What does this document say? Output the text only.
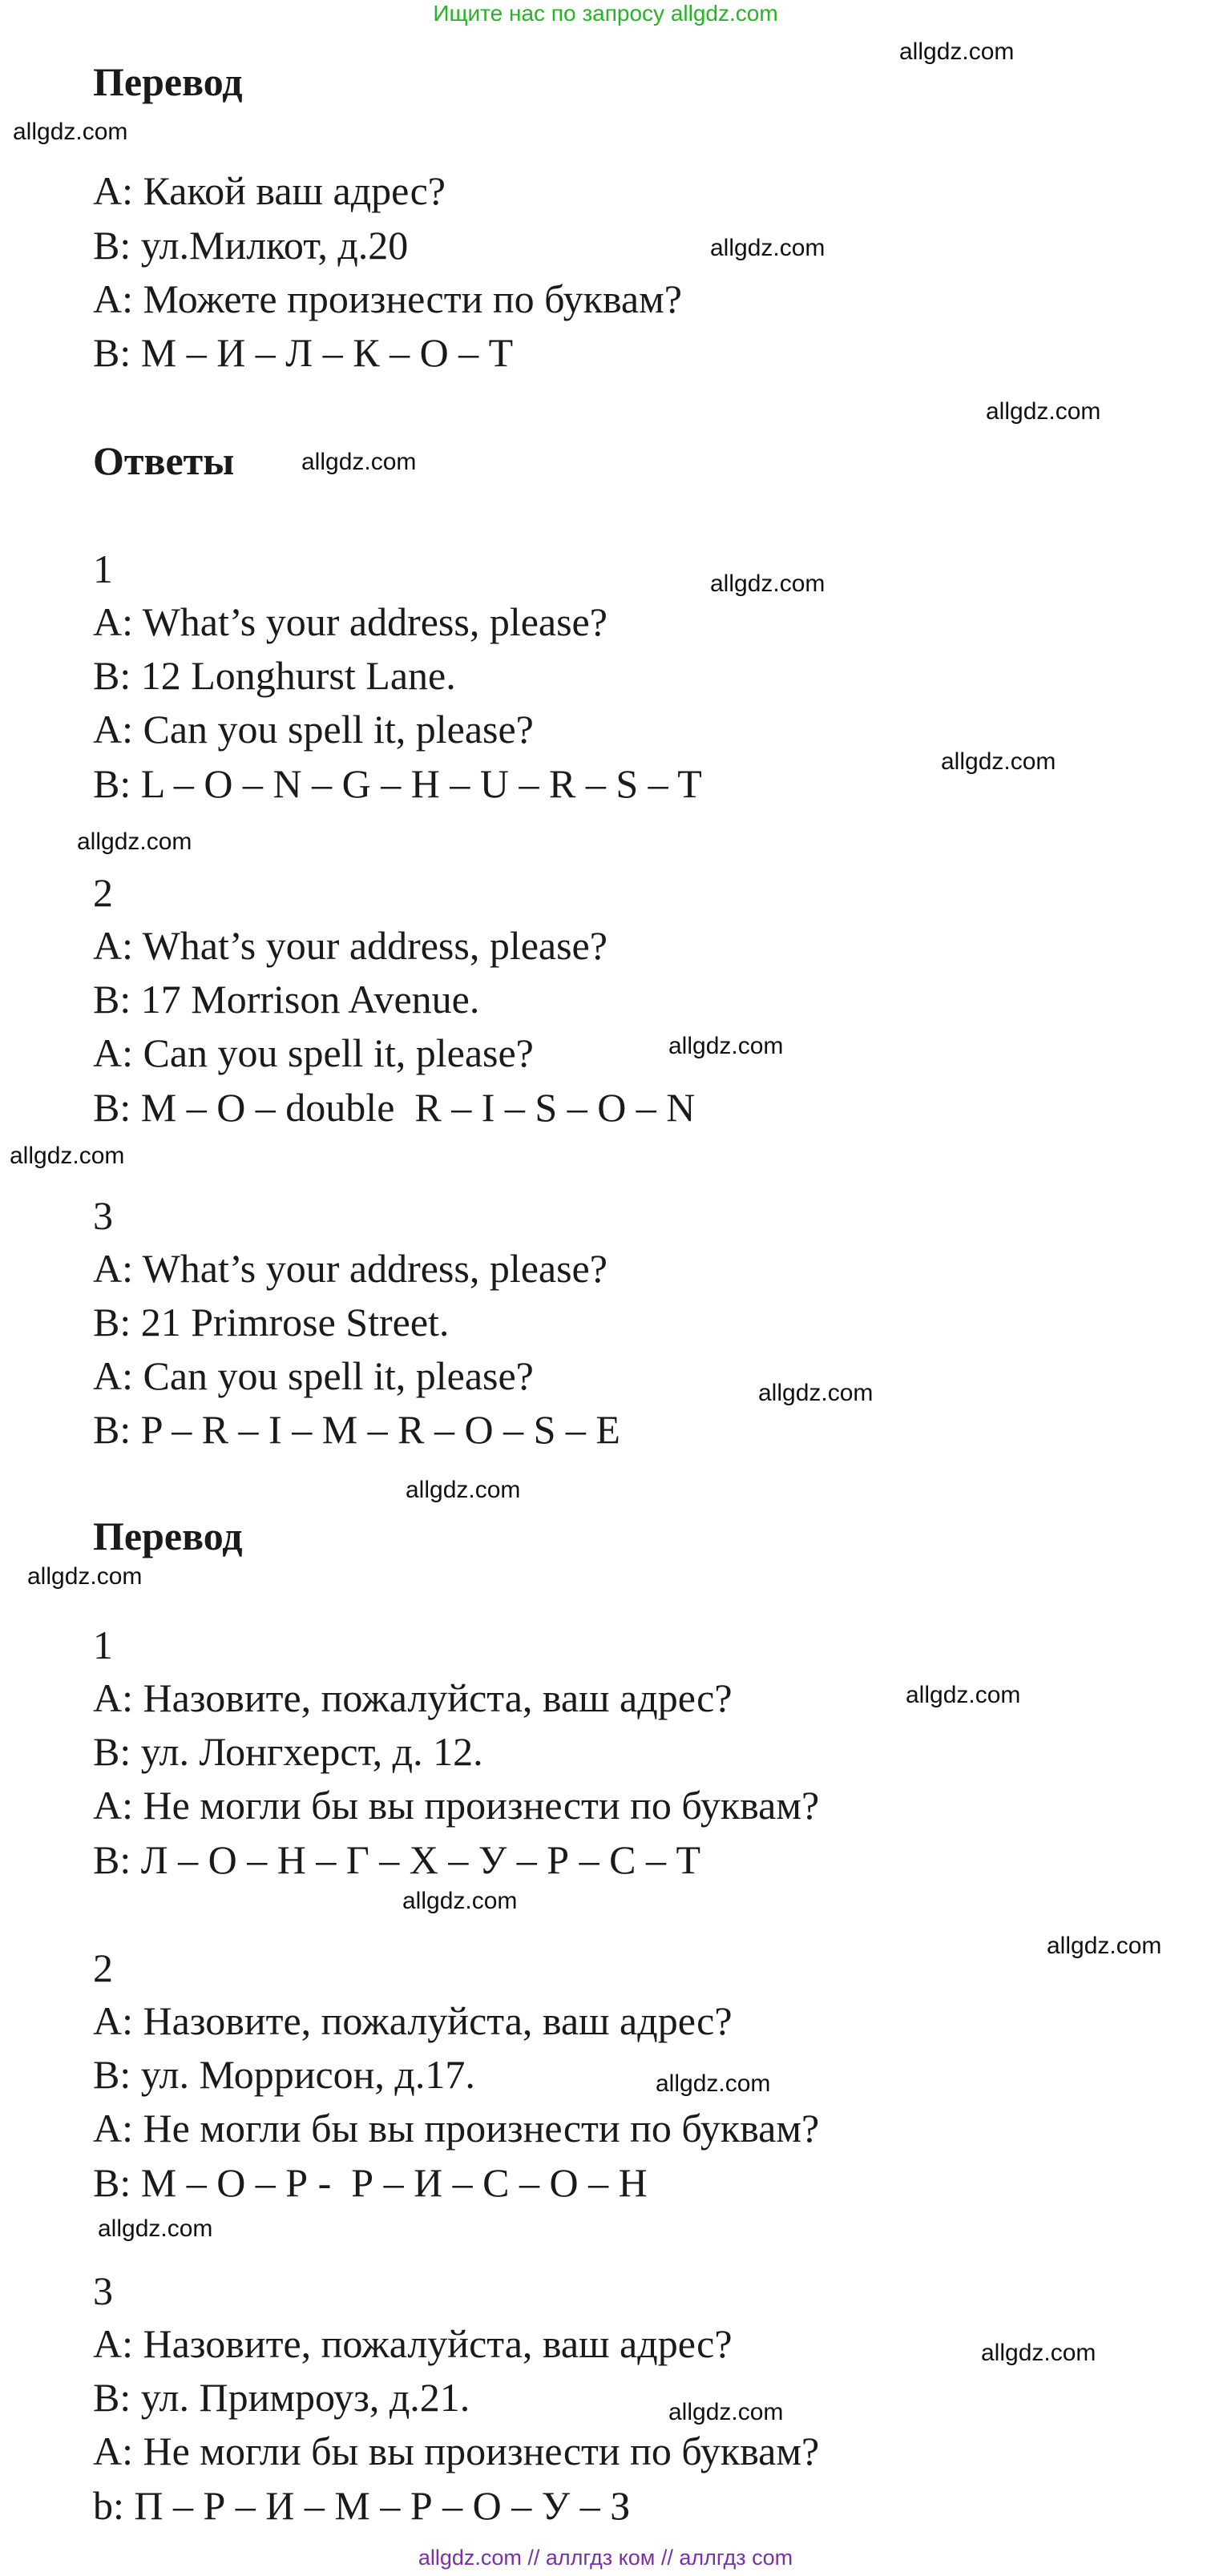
Ищите нас по запросу allgdz.com
Перевод
А: Какой ваш адрес?
В: ул.Милкот, д.20
А: Можете произнести по буквам?
В: М – И – Л – К – О – Т
Ответы
1
A: What’s your address, please?
B: 12 Longhurst Lane.
A: Can you spell it, please?
B: L – O – N – G – H – U – R – S – T
2
A: What’s your address, please?
B: 17 Morrison Avenue.
A: Can you spell it, please?
B: M – O – double  R – I – S – O – N
3
A: What’s your address, please?
B: 21 Primrose Street.
A: Can you spell it, please?
B: P – R – I – M – R – O – S – E
Перевод
1
А: Назовите, пожалуйста, ваш адрес?
В: ул. Лонгхерст, д. 12.
А: Не могли бы вы произнести по буквам?
В: Л – О – Н – Г – Х – У – Р – С – Т
2
А: Назовите, пожалуйста, ваш адрес?
В: ул. Моррисон, д.17.
А: Не могли бы вы произнести по буквам?
В: М – О – Р -  Р – И – С – О – Н
3
А: Назовите, пожалуйста, ваш адрес?
В: ул. Примроуз, д.21.
А: Не могли бы вы произнести по буквам?
b: П – Р – И – М – Р – О – У – З
allgdz.com
allgdz.com
allgdz.com
allgdz.com
allgdz.com
allgdz.com
allgdz.com
allgdz.com
allgdz.com
allgdz.com
allgdz.com
allgdz.com
allgdz.com
allgdz.com
allgdz.com
allgdz.com
allgdz.com
allgdz.com
allgdz.com
allgdz.com
allgdz.com // аллгдз ком // аллгдз com
